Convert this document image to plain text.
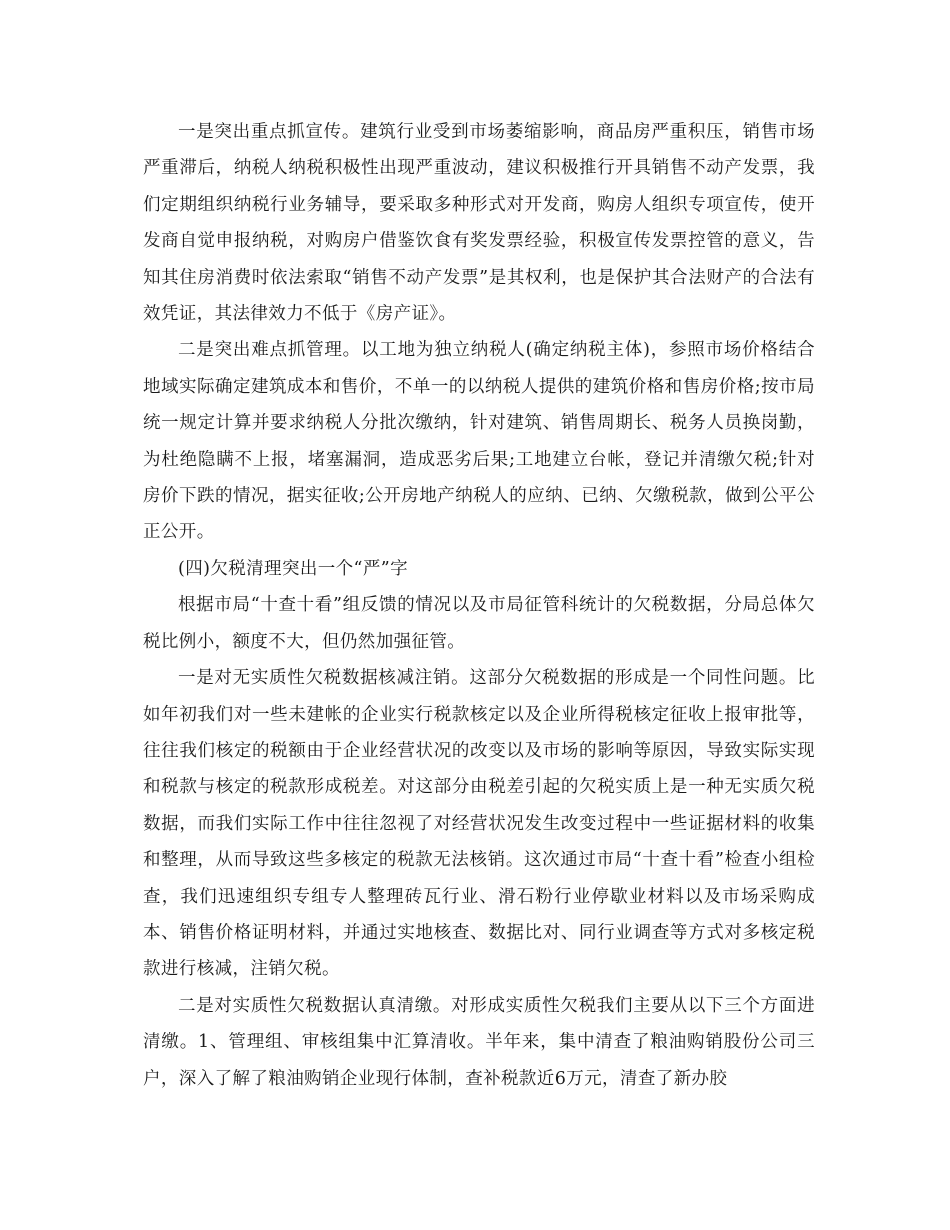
一是突出重点抓宣传。建筑行业受到市场萎缩影响，商品房严重积压，销售市场严重滞后，纳税人纳税积极性出现严重波动，建议积极推行开具销售不动产发票，我们定期组织纳税行业务辅导，要采取多种形式对开发商，购房人组织专项宣传，使开发商自觉申报纳税，对购房户借鉴饮食有奖发票经验，积极宣传发票控管的意义，告知其住房消费时依法索取“销售不动产发票”是其权利，也是保护其合法财产的合法有效凭证，其法律效力不低于《房产证》。

二是突出难点抓管理。以工地为独立纳税人(确定纳税主体)，参照市场价格结合地域实际确定建筑成本和售价，不单一的以纳税人提供的建筑价格和售房价格;按市局统一规定计算并要求纳税人分批次缴纳，针对建筑、销售周期长、税务人员换岗勤，为杜绝隐瞒不上报，堵塞漏洞，造成恶劣后果;工地建立台帐，登记并清缴欠税;针对房价下跌的情况，据实征收;公开房地产纳税人的应纳、已纳、欠缴税款，做到公平公正公开。

(四)欠税清理突出一个“严”字

根据市局“十查十看”组反馈的情况以及市局征管科统计的欠税数据，分局总体欠税比例小，额度不大，但仍然加强征管。

一是对无实质性欠税数据核减注销。这部分欠税数据的形成是一个同性问题。比如年初我们对一些未建帐的企业实行税款核定以及企业所得税核定征收上报审批等，往往我们核定的税额由于企业经营状况的改变以及市场的影响等原因，导致实际实现和税款与核定的税款形成税差。对这部分由税差引起的欠税实质上是一种无实质欠税数据，而我们实际工作中往往忽视了对经营状况发生改变过程中一些证据材料的收集和整理，从而导致这些多核定的税款无法核销。这次通过市局“十查十看”检查小组检查，我们迅速组织专组专人整理砖瓦行业、滑石粉行业停歇业材料以及市场采购成本、销售价格证明材料，并通过实地核查、数据比对、同行业调查等方式对多核定税款进行核减，注销欠税。

二是对实质性欠税数据认真清缴。对形成实质性欠税我们主要从以下三个方面进清缴。1、管理组、审核组集中汇算清收。半年来，集中清查了粮油购销股份公司三户，深入了解了粮油购销企业现行体制，查补税款近6万元，清查了新办胶
